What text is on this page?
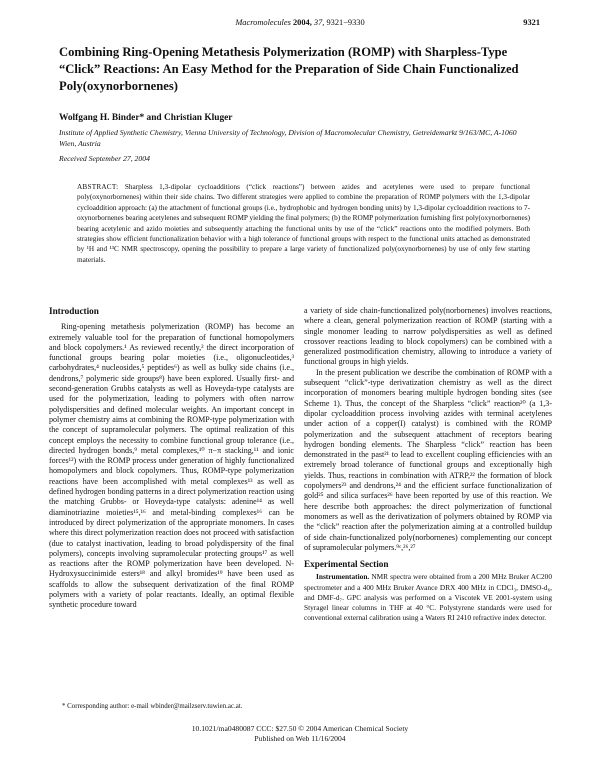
Macromolecules 2004, 37, 9321−9330	9321
Combining Ring-Opening Metathesis Polymerization (ROMP) with Sharpless-Type “Click” Reactions: An Easy Method for the Preparation of Side Chain Functionalized Poly(oxynorbornenes)
Wolfgang H. Binder* and Christian Kluger
Institute of Applied Synthetic Chemistry, Vienna University of Technology, Division of Macromolecular Chemistry, Getreidemarkt 9/163/MC, A-1060 Wien, Austria
Received September 27, 2004
ABSTRACT: Sharpless 1,3-dipolar cycloadditions (“click reactions”) between azides and acetylenes were used to prepare functional poly(oxynorbornenes) within their side chains. Two different strategies were applied to combine the preparation of ROMP polymers with the 1,3-dipolar cycloaddition approach: (a) the attachment of functional groups (i.e., hydrophobic and hydrogen bonding units) by 1,3-dipolar cycloaddition reactions to 7-oxynorbornenes bearing acetylenes and subsequent ROMP yielding the final polymers; (b) the ROMP polymerization furnishing first poly(oxynorbornenes) bearing acetylenic and azido moieties and subsequently attaching the functional units by use of the “click” reactions onto the modified polymers. Both strategies show efficient functionalization behavior with a high tolerance of functional groups with respect to the functional units attached as demonstrated by ¹H and ¹³C NMR spectroscopy, opening the possibility to prepare a large variety of functionalized poly(oxynorbornenes) by use of only few starting materials.
Introduction

Ring-opening metathesis polymerization (ROMP) has become an extremely valuable tool for the preparation of functional homopolymers and block copolymers.¹ As reviewed recently,² the direct incorporation of functional groups bearing polar moieties (i.e., oligonucleotides,³ carbohydrates,⁴ nucleosides,⁵ peptides⁶) as well as bulky side chains (i.e., dendrons,⁷ polymeric side groups⁸) have been explored. Usually first- and second-generation Grubbs catalysts as well as Hoveyda-type catalysts are used for the polymerization, leading to polymers with often narrow polydispersities and defined molecular weights. An important concept in polymer chemistry aims at combining the ROMP-type polymerization with the concept of supramolecular polymers. The optimal realization of this concept employs the necessity to combine functional group tolerance (i.e., directed hydrogen bonds,⁹ metal complexes,¹⁰ π−π stacking,¹¹ and ionic forces¹²) with the ROMP process under generation of highly functionalized homopolymers and block copolymers. Thus, ROMP-type polymerization reactions have been accomplished with metal complexes¹³ as well as defined hydrogen bonding patterns in a direct polymerization reaction using the matching Grubbs- or Hoveyda-type catalysts: adenine¹⁴ as well diaminotriazine moieties¹⁵,¹⁶ and metal-binding complexes¹⁶ can be introduced by direct polymerization of the appropriate monomers. In cases where this direct polymerization reaction does not proceed with satisfaction (due to catalyst inactivation, leading to broad polydispersity of the final polymers), concepts involving supramolecular protecting groups¹⁷ as well as reactions after the ROMP polymerization have been developed. N-Hydroxysuccinimide esters¹⁸ and alkyl bromides¹⁹ have been used as scaffolds to allow the subsequent derivatization of the final ROMP polymers with a variety of polar reactants. Ideally, an optimal flexible synthetic procedure toward

a variety of side chain-functionalized poly(norbornenes) involves reactions, where a clean, general polymerization reaction of ROMP (starting with a single monomer leading to narrow polydispersities as well as defined crossover reactions leading to block copolymers) can be combined with a generalized postmodification chemistry, allowing to introduce a variety of functional groups in high yields.

In the present publication we describe the combination of ROMP with a subsequent “click”-type derivatization chemistry as well as the direct incorporation of monomers bearing multiple hydrogen bonding sites (see Scheme 1). Thus, the concept of the Sharpless “click” reaction²⁰ (a 1,3-dipolar cycloaddition process involving azides with terminal acetylenes under action of a copper(I) catalyst) is combined with the ROMP polymerization and the subsequent attachment of receptors bearing hydrogen bonding elements. The Sharpless “click” reaction has been demonstrated in the past²¹ to lead to excellent coupling efficiencies with an extremely broad tolerance of functional groups and exceptionally high yields. Thus, reactions in combination with ATRP,²² the formation of block copolymers²³ and dendrons,²⁴ and the efficient surface functionalization of gold²⁵ and silica surfaces²⁶ have been reported by use of this reaction. We here describe both approaches: the direct polymerization of functional monomers as well as the derivatization of polymers obtained by ROMP via the “click” reaction after the polymerization aiming at a controlled buildup of side chain-functionalized poly(norbornenes) complementing our concept of supramolecular polymers.⁹ᶜ,²⁶,²⁷

Experimental Section
Instrumentation. NMR spectra were obtained from a 200 MHz Bruker AC200 spectrometer and a 400 MHz Bruker Avance DRX 400 MHz in CDCl₃, DMSO-d₆, and DMF-d₇. GPC analysis was performed on a Viscotek VE 2001-system using Styragel linear columns in THF at 40 °C. Polystyrene standards were used for conventional external calibration using a Waters RI 2410 refractive index detector.
* Corresponding author: e-mail wbinder@mailzserv.tuwien.ac.at.
10.1021/ma0480087 CCC: $27.50 © 2004 American Chemical Society
Published on Web 11/16/2004
